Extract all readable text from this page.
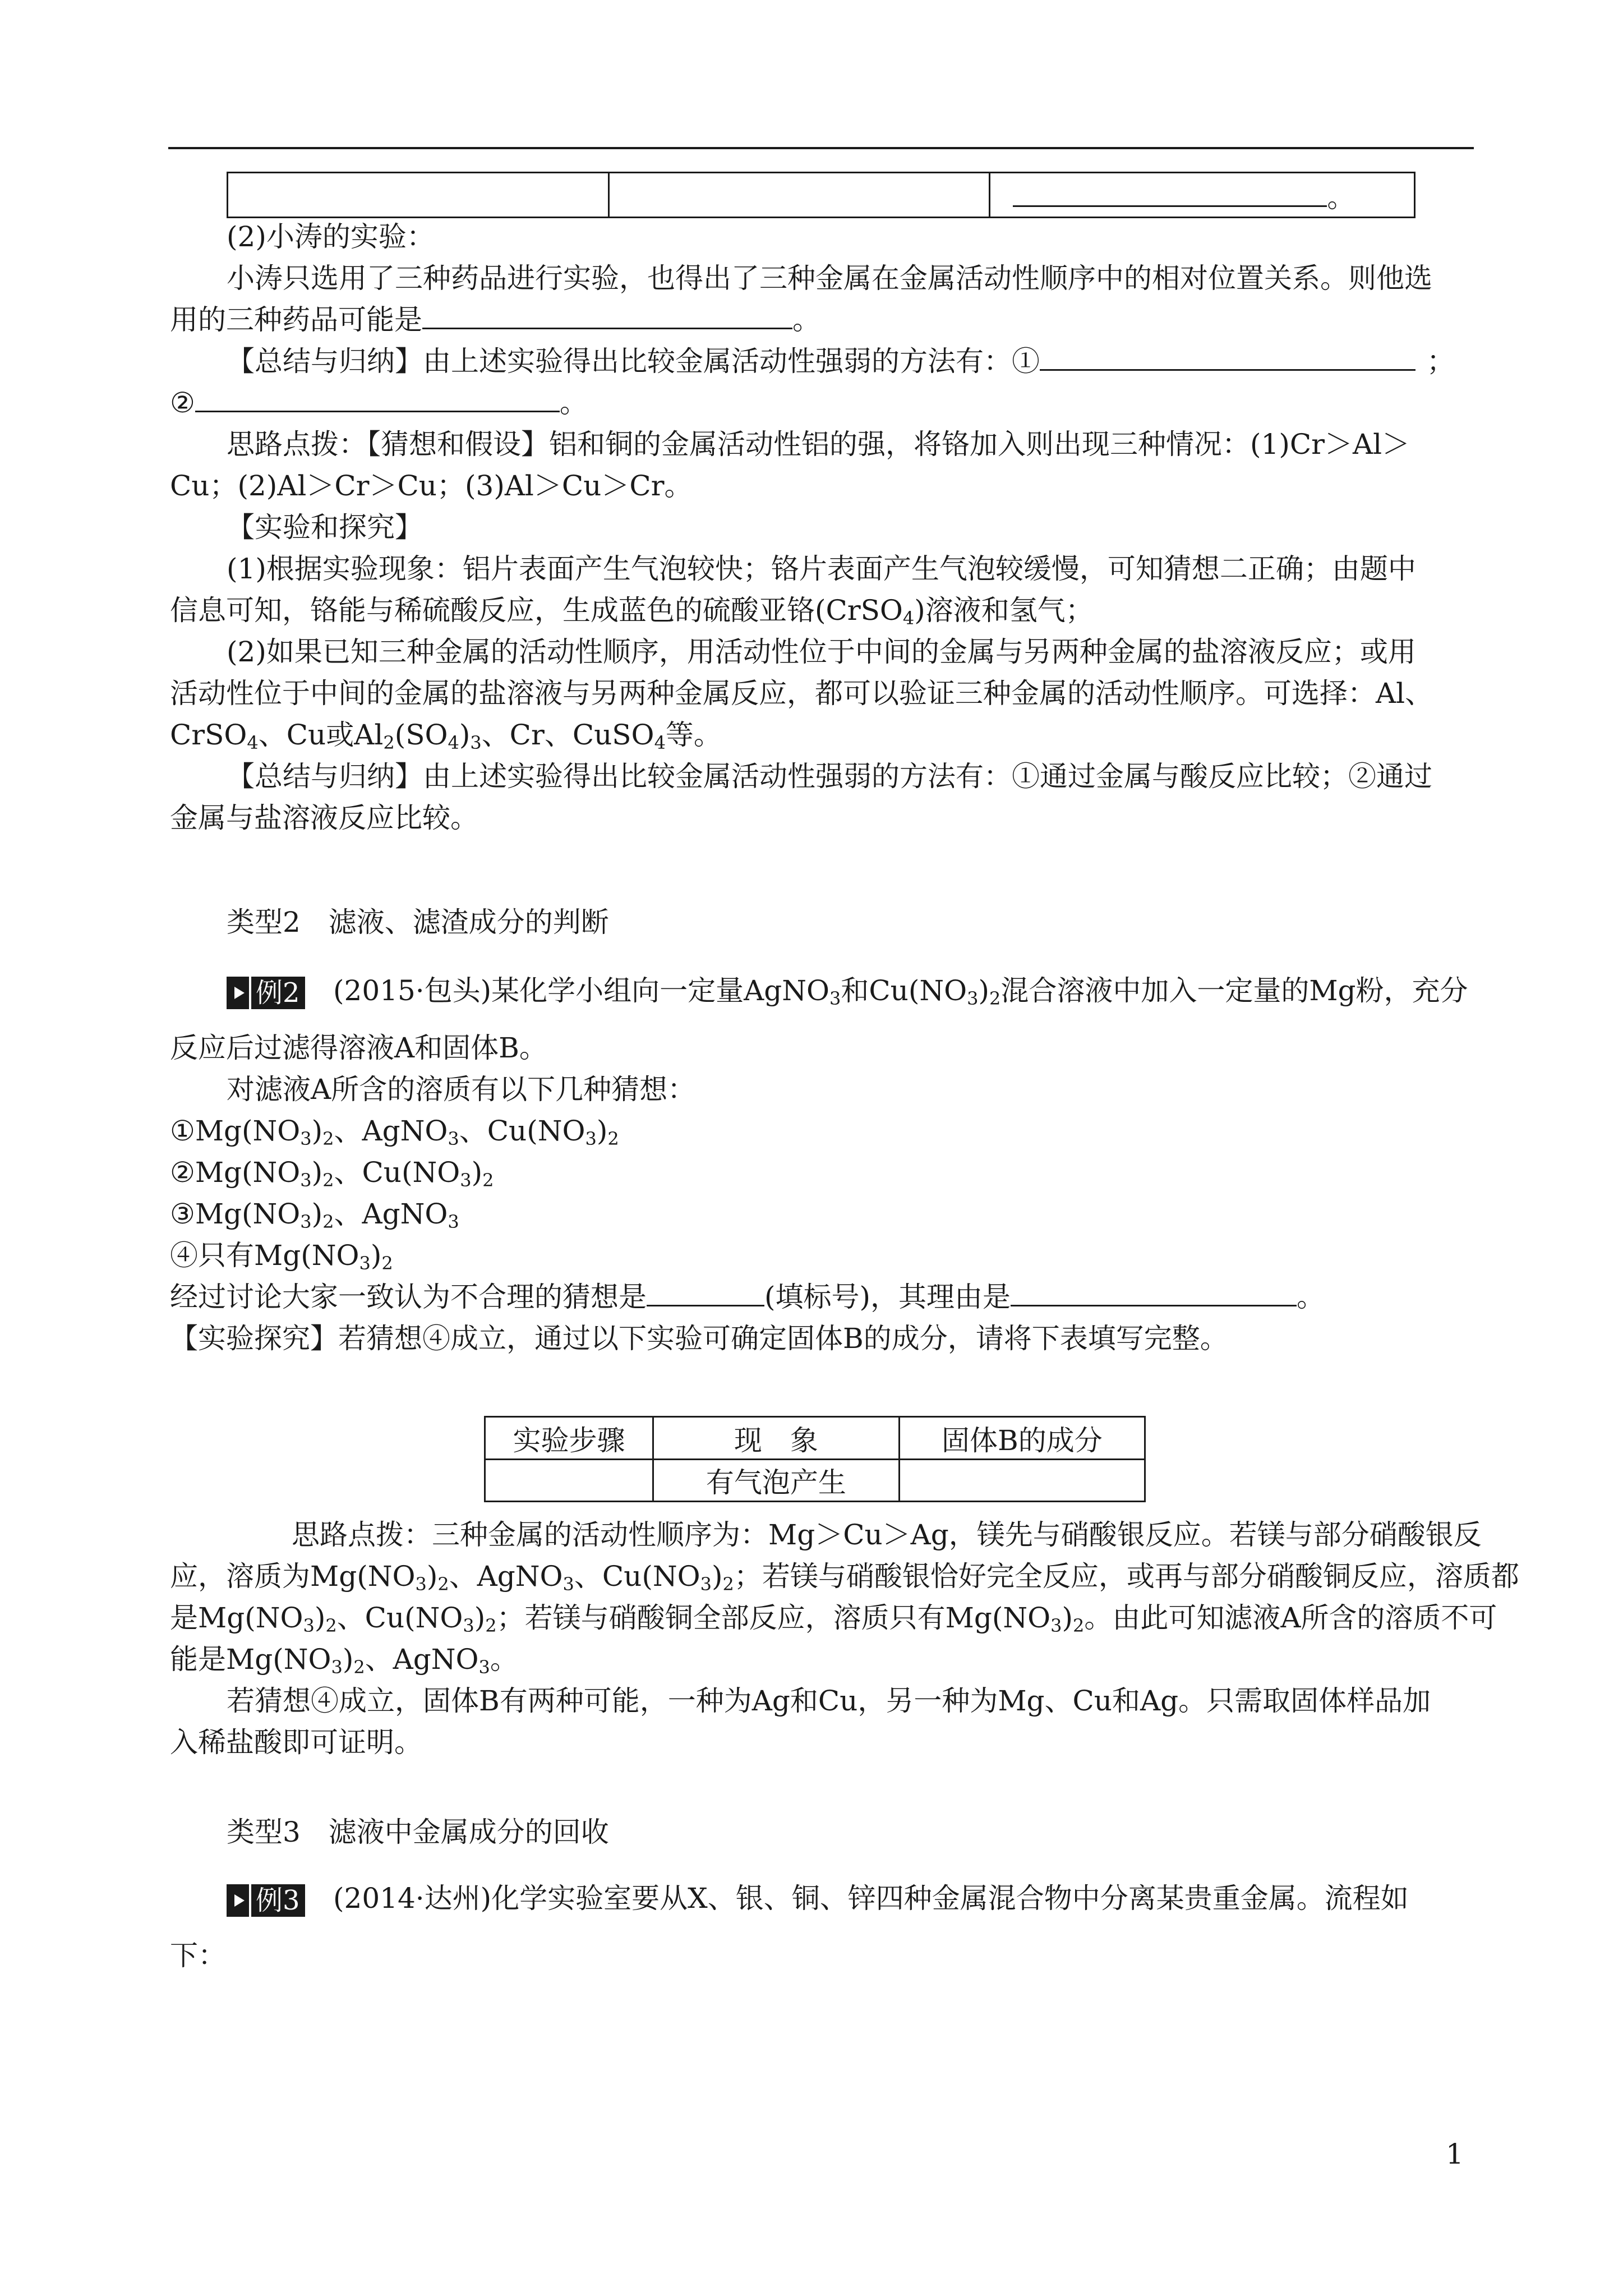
		。
(2)小涛的实验：
小涛只选用了三种药品进行实验，也得出了三种金属在金属活动性顺序中的相对位置关系。则他选
用的三种药品可能是	。
【总结与归纳】由上述实验得出比较金属活动性强弱的方法有：①	；
②	。
思路点拨：【猜想和假设】铝和铜的金属活动性铝的强，将铬加入则出现三种情况：(1)Cr＞Al＞
Cu；(2)Al＞Cr＞Cu；(3)Al＞Cu＞Cr。
【实验和探究】
(1)根据实验现象：铝片表面产生气泡较快；铬片表面产生气泡较缓慢，可知猜想二正确；由题中
信息可知，铬能与稀硫酸反应，生成蓝色的硫酸亚铬(CrSO$_4$)溶液和氢气；
(2)如果已知三种金属的活动性顺序，用活动性位于中间的金属与另两种金属的盐溶液反应；或用
活动性位于中间的金属的盐溶液与另两种金属反应，都可以验证三种金属的活动性顺序。可选择：Al、
CrSO$_4$、Cu或$Al_2(SO_4)_3$、Cr、CuSO$_4$等。
【总结与归纳】由上述实验得出比较金属活动性强弱的方法有：①通过金属与酸反应比较；②通过
金属与盐溶液反应比较。
类型2　滤液、滤渣成分的判断
例2 (2015·包头)某化学小组向一定量AgNO$_3$和$Cu(NO_3)_2$混合溶液中加入一定量的Mg粉，充分
反应后过滤得溶液A和固体B。
对滤液A所含的溶质有以下几种猜想：
$①Mg(NO_3)_2$、AgNO$_3$、$Cu(NO_3)_2$
$②Mg(NO_3)_2$、$Cu(NO_3)_2$
$③Mg(NO_3)_2$、AgNO$_3$
④只有$Mg(NO_3)_2$
经过讨论大家一致认为不合理的猜想是	(填标号)，其理由是	。
【实验探究】若猜想④成立，通过以下实验可确定固体B的成分，请将下表填写完整。
实验步骤	现　象	固体B的成分
	有气泡产生	
思路点拨：三种金属的活动性顺序为：Mg＞Cu＞Ag，镁先与硝酸银反应。若镁与部分硝酸银反
应，溶质为$Mg(NO_3)_2$、AgNO$_3$、$Cu(NO_3)_2$；若镁与硝酸银恰好完全反应，或再与部分硝酸铜反应，溶质都
是$Mg(NO_3)_2$、$Cu(NO_3)_2$；若镁与硝酸铜全部反应，溶质只有$Mg(NO_3)_2$。由此可知滤液A所含的溶质不可
能是$Mg(NO_3)_2$、AgNO$_3$。
若猜想④成立，固体B有两种可能，一种为Ag和Cu，另一种为Mg、Cu和Ag。只需取固体样品加
入稀盐酸即可证明。
类型3　滤液中金属成分的回收
例3 (2014·达州)化学实验室要从X、银、铜、锌四种金属混合物中分离某贵重金属。流程如
下：
1
